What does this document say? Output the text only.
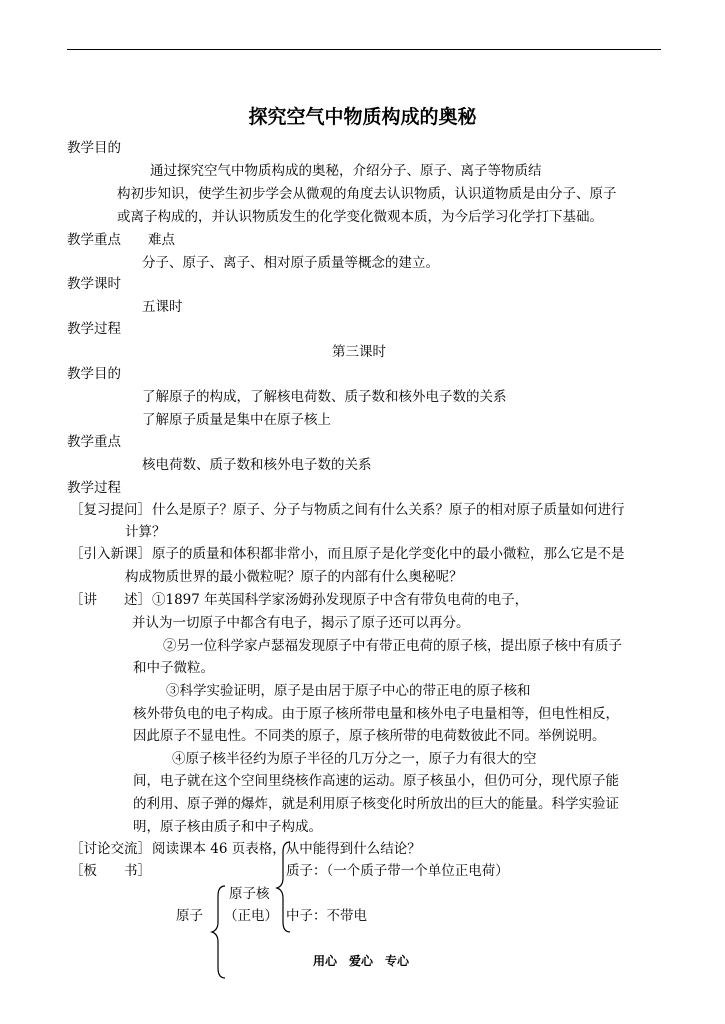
探究空气中物质构成的奥秘
教学目的
通过探究空气中物质构成的奥秘，介绍分子、原子、离子等物质结
构初步知识，使学生初步学会从微观的角度去认识物质，认识道物质是由分子、原子
或离子构成的，并认识物质发生的化学变化微观本质，为今后学习化学打下基础。
教学重点 难点
分子、原子、离子、相对原子质量等概念的建立。
教学课时
五课时
教学过程
第三课时
教学目的
了解原子的构成，了解核电荷数、质子数和核外电子数的关系
了解原子质量是集中在原子核上
教学重点
核电荷数、质子数和核外电子数的关系
教学过程
［复习提问］ 什么是原子？原子、分子与物质之间有什么关系？原子的相对原子质量如何进行
计算？
［引入新课］ 原子的质量和体积都非常小，而且原子是化学变化中的最小微粒，那么它是不是
构成物质世界的最小微粒呢？原子的内部有什么奥秘呢？
［讲　　述］ ①1897 年英国科学家汤姆孙发现原子中含有带负电荷的电子，
并认为一切原子中都含有电子，揭示了原子还可以再分。
②另一位科学家卢瑟福发现原子中有带正电荷的原子核，提出原子核中有质子
和中子微粒。
③科学实验证明，原子是由居于原子中心的带正电的原子核和
核外带负电的电子构成。由于原子核所带电量和核外电子电量相等，但电性相反，
因此原子不显电性。不同类的原子，原子核所带的电荷数彼此不同。举例说明。
④原子核半径约为原子半径的几万分之一，原子力有很大的空
间，电子就在这个空间里绕核作高速的运动。原子核虽小，但仍可分，现代原子能
的利用、原子弹的爆炸，就是利用原子核变化时所放出的巨大的能量。科学实验证
明，原子核由质子和中子构成。
［讨论交流］ 阅读课本 46 页表格，从中能得到什么结论？
［板　　书］
原子
原子核
（正电）
质子：（一个质子带一个单位正电荷）
中子：不带电
用心　爱心　专心
